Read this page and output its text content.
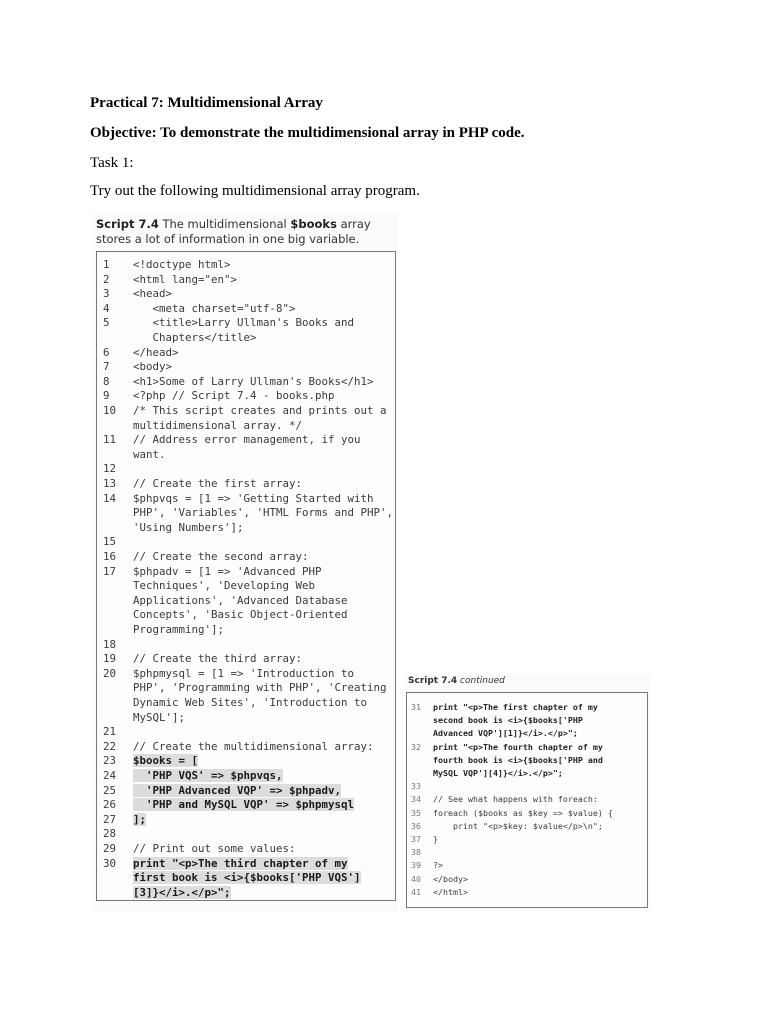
Practical 7: Multidimensional Array
Objective: To demonstrate the multidimensional array in PHP code.
Task 1:
Try out the following multidimensional array program.
Script 7.4 The multidimensional $books array
stores a lot of information in one big variable.
1	<!doctype html>
2	<html lang="en">
3	<head>
4	<meta charset="utf-8">
5	<title>Larry Ullman's Books and
Chapters</title>
6	</head>
7	<body>
8	<h1>Some of Larry Ullman's Books</h1>
9	<?php // Script 7.4 - books.php
10	/* This script creates and prints out a
multidimensional array. */
11	// Address error management, if you
want.
12
13	// Create the first array:
14	$phpvqs = [1 => 'Getting Started with
PHP', 'Variables', 'HTML Forms and PHP',
'Using Numbers'];
15
16	// Create the second array:
17	$phpadv = [1 => 'Advanced PHP
Techniques', 'Developing Web
Applications', 'Advanced Database
Concepts', 'Basic Object-Oriented
Programming'];
18
19	// Create the third array:
20	$phpmysql = [1 => 'Introduction to
PHP', 'Programming with PHP', 'Creating
Dynamic Web Sites', 'Introduction to
MySQL'];
21
22	// Create the multidimensional array:
23	$books = [
24	'PHP VQS' => $phpvqs,
25	'PHP Advanced VQP' => $phpadv,
26	'PHP and MySQL VQP' => $phpmysql
27	];
28
29	// Print out some values:
30	print "<p>The third chapter of my
first book is <i>{$books['PHP VQS']
[3]}</i>.</p>";
Script 7.4 continued
31	print "<p>The first chapter of my
second book is <i>{$books['PHP
Advanced VQP'][1]}</i>.</p>";
32	print "<p>The fourth chapter of my
fourth book is <i>{$books['PHP and
MySQL VQP'][4]}</i>.</p>";
33
34	// See what happens with foreach:
35	foreach ($books as $key => $value) {
36	print "<p>$key: $value</p>\n";
37	}
38
39	?>
40	</body>
41	</html>
